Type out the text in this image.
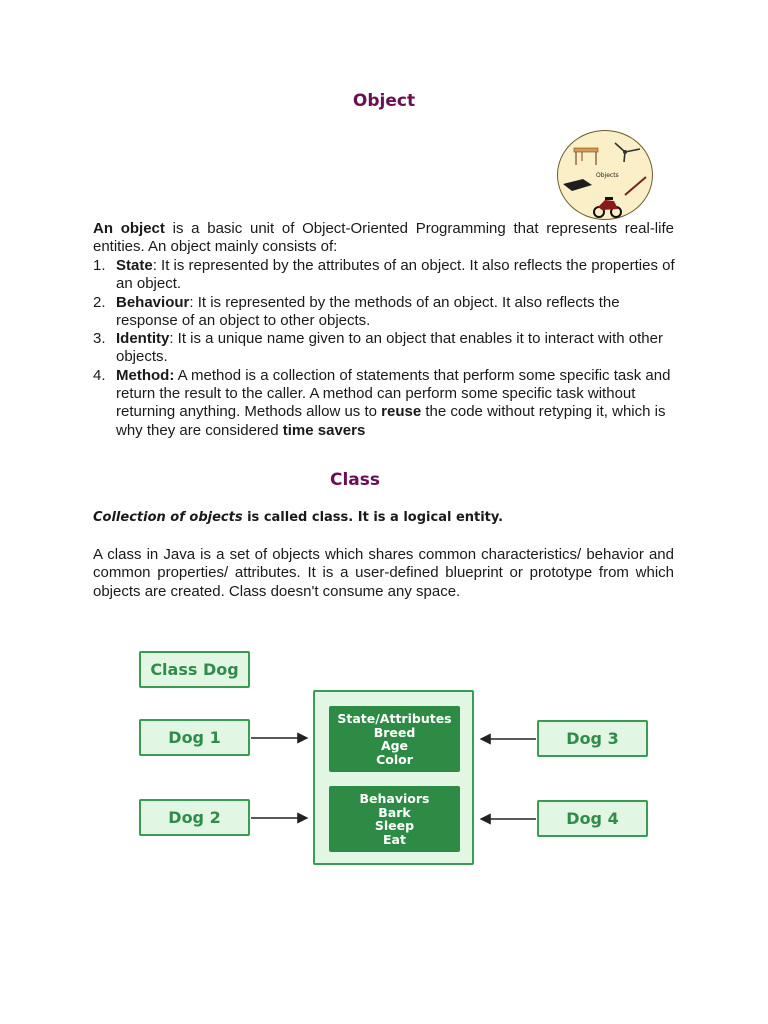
Object
Objects

An object is a basic unit of Object-Oriented Programming that represents real-life entities. An object mainly consists of:

1. State: It is represented by the attributes of an object. It also reflects the properties of an object.
2. Behaviour: It is represented by the methods of an object. It also reflects the response of an object to other objects.
3. Identity: It is a unique name given to an object that enables it to interact with other objects.
4. Method: A method is a collection of statements that perform some specific task and return the result to the caller. A method can perform some specific task without returning anything. Methods allow us to reuse the code without retyping it, which is why they are considered time savers
Class

Collection of objects is called class. It is a logical entity.

A class in Java is a set of objects which shares common characteristics/ behavior and common properties/ attributes. It is a user-defined blueprint or prototype from which objects are created. Class doesn't consume any space.

Class Dog
Dog 1
Dog 2
Dog 3
Dog 4
State/Attributes
Breed
Age
Color
Behaviors
Bark
Sleep
Eat
